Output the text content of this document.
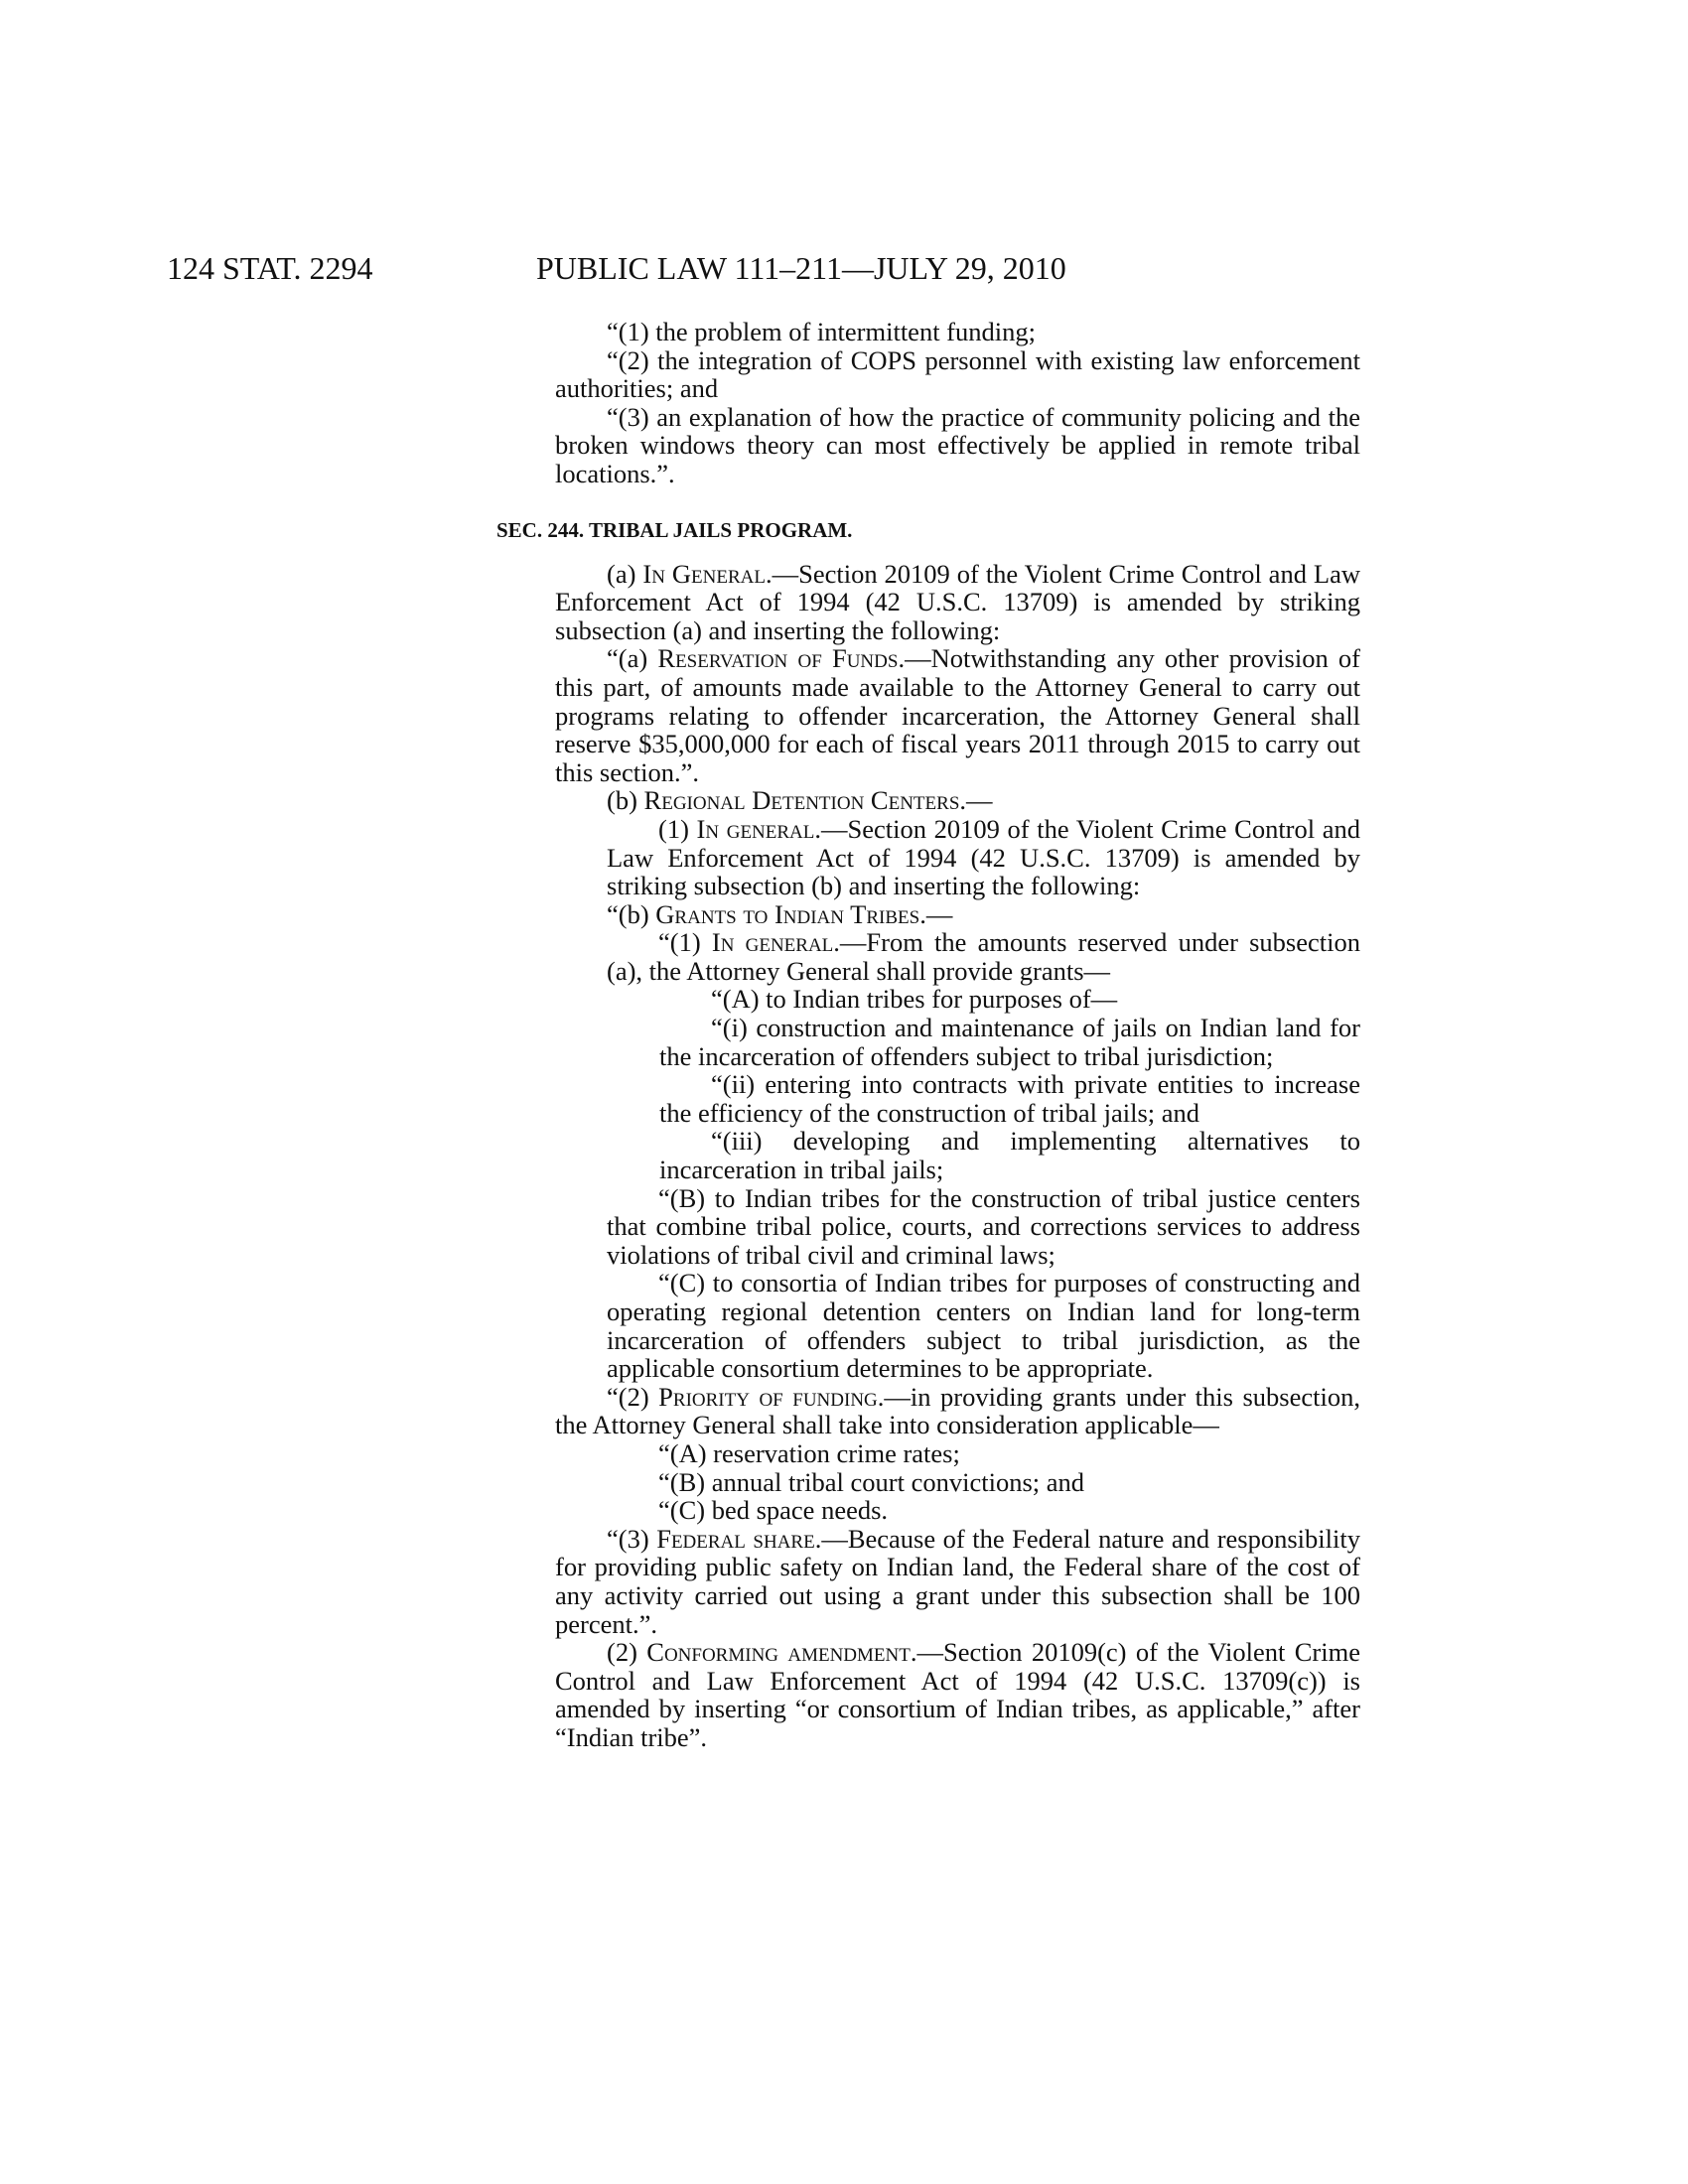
124 STAT. 2294	PUBLIC LAW 111–211—JULY 29, 2010

“(1) the problem of intermittent funding;

“(2) the integration of COPS personnel with existing law enforcement authorities; and

“(3) an explanation of how the practice of community policing and the broken windows theory can most effectively be applied in remote tribal locations.”.

SEC. 244. TRIBAL JAILS PROGRAM.

(a) In General.—Section 20109 of the Violent Crime Control and Law Enforcement Act of 1994 (42 U.S.C. 13709) is amended by striking subsection (a) and inserting the following:

“(a) Reservation of Funds.—Notwithstanding any other provision of this part, of amounts made available to the Attorney General to carry out programs relating to offender incarceration, the Attorney General shall reserve $35,000,000 for each of fiscal years 2011 through 2015 to carry out this section.”.

(b) Regional Detention Centers.—

(1) In general.—Section 20109 of the Violent Crime Control and Law Enforcement Act of 1994 (42 U.S.C. 13709) is amended by striking subsection (b) and inserting the following:

“(b) Grants to Indian Tribes.—

“(1) In general.—From the amounts reserved under subsection (a), the Attorney General shall provide grants—

“(A) to Indian tribes for purposes of—

“(i) construction and maintenance of jails on Indian land for the incarceration of offenders subject to tribal jurisdiction;

“(ii) entering into contracts with private entities to increase the efficiency of the construction of tribal jails; and

“(iii) developing and implementing alternatives to incarceration in tribal jails;

“(B) to Indian tribes for the construction of tribal justice centers that combine tribal police, courts, and corrections services to address violations of tribal civil and criminal laws;

“(C) to consortia of Indian tribes for purposes of constructing and operating regional detention centers on Indian land for long-term incarceration of offenders subject to tribal jurisdiction, as the applicable consortium determines to be appropriate.

“(2) Priority of funding.—in providing grants under this subsection, the Attorney General shall take into consideration applicable—

“(A) reservation crime rates;

“(B) annual tribal court convictions; and

“(C) bed space needs.

“(3) Federal share.—Because of the Federal nature and responsibility for providing public safety on Indian land, the Federal share of the cost of any activity carried out using a grant under this subsection shall be 100 percent.”.

(2) Conforming amendment.—Section 20109(c) of the Violent Crime Control and Law Enforcement Act of 1994 (42 U.S.C. 13709(c)) is amended by inserting “or consortium of Indian tribes, as applicable,” after “Indian tribe”.
